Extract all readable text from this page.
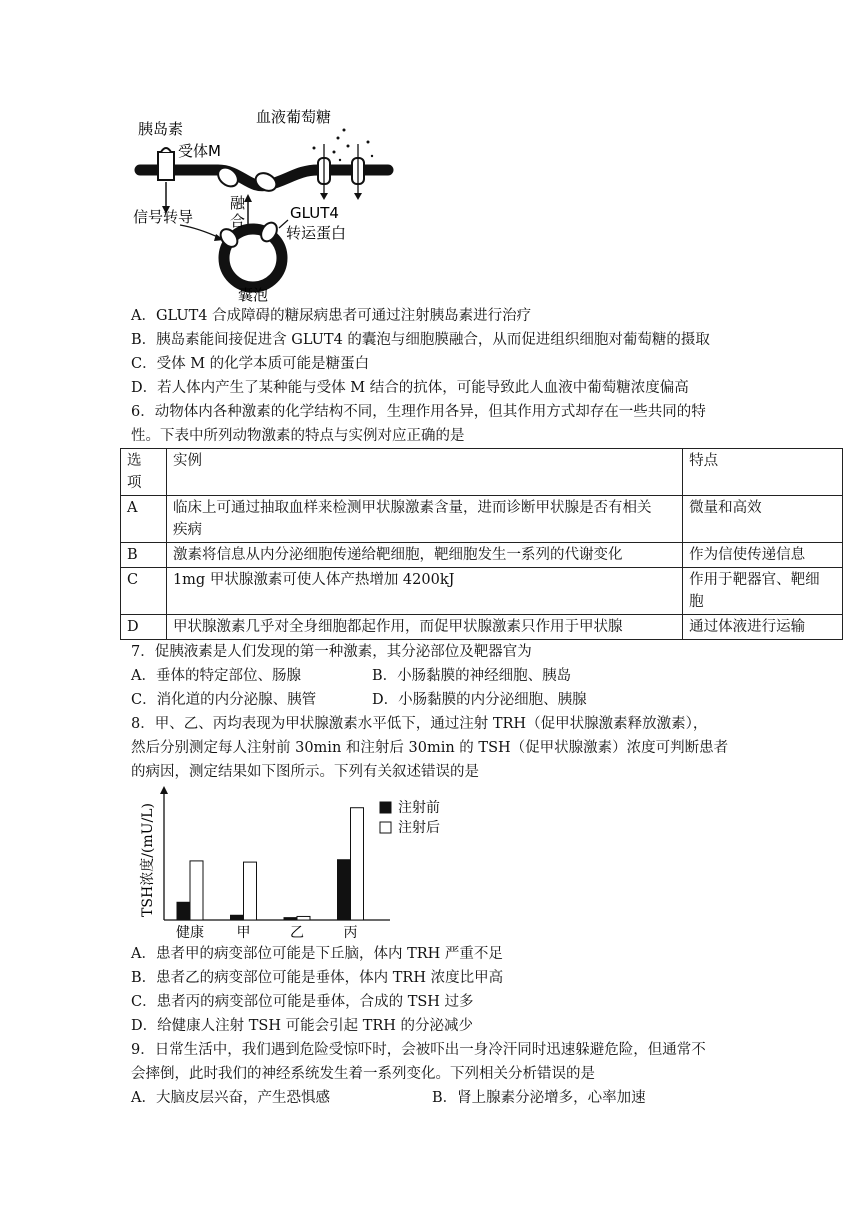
胰岛素
受体M
血液葡萄糖
信号转导
融
合	GLUT4
转运蛋白
囊泡
A．GLUT4 合成障碍的糖尿病患者可通过注射胰岛素进行治疗
B．胰岛素能间接促进含 GLUT4 的囊泡与细胞膜融合，从而促进组织细胞对葡萄糖的摄取
C．受体 M 的化学本质可能是糖蛋白
D．若人体内产生了某种能与受体 M 结合的抗体，可能导致此人血液中葡萄糖浓度偏高
6．动物体内各种激素的化学结构不同，生理作用各异，但其作用方式却存在一些共同的特
性。下表中所列动物激素的特点与实例对应正确的是
选
项	实例	特点
A	临床上可通过抽取血样来检测甲状腺激素含量，进而诊断甲状腺是否有相关
疾病	微量和高效
B	激素将信息从内分泌细胞传递给靶细胞，靶细胞发生一系列的代谢变化	作为信使传递信息
C	1mg 甲状腺激素可使人体产热增加 4200kJ	作用于靶器官、靶细
胞
D	甲状腺激素几乎对全身细胞都起作用，而促甲状腺激素只作用于甲状腺	通过体液进行运输
7．促胰液素是人们发现的第一种激素，其分泌部位及靶器官为
A．垂体的特定部位、肠腺	B．小肠黏膜的神经细胞、胰岛
C．消化道的内分泌腺、胰管	D．小肠黏膜的内分泌细胞、胰腺
8．甲、乙、丙均表现为甲状腺激素水平低下，通过注射 TRH（促甲状腺激素释放激素），
然后分别测定每人注射前 30min 和注射后 30min 的 TSH（促甲状腺激素）浓度可判断患者
的病因，测定结果如下图所示。下列有关叙述错误的是
健康 甲	乙	丙
注射前
注射后
TSH浓度/(mU/L)
A．患者甲的病变部位可能是下丘脑，体内 TRH 严重不足
B．患者乙的病变部位可能是垂体，体内 TRH 浓度比甲高
C．患者丙的病变部位可能是垂体，合成的 TSH 过多
D．给健康人注射 TSH 可能会引起 TRH 的分泌减少
9．日常生活中，我们遇到危险受惊吓时，会被吓出一身冷汗同时迅速躲避危险，但通常不
会摔倒，此时我们的神经系统发生着一系列变化。下列相关分析错误的是
A．大脑皮层兴奋，产生恐惧感	B．肾上腺素分泌增多，心率加速
